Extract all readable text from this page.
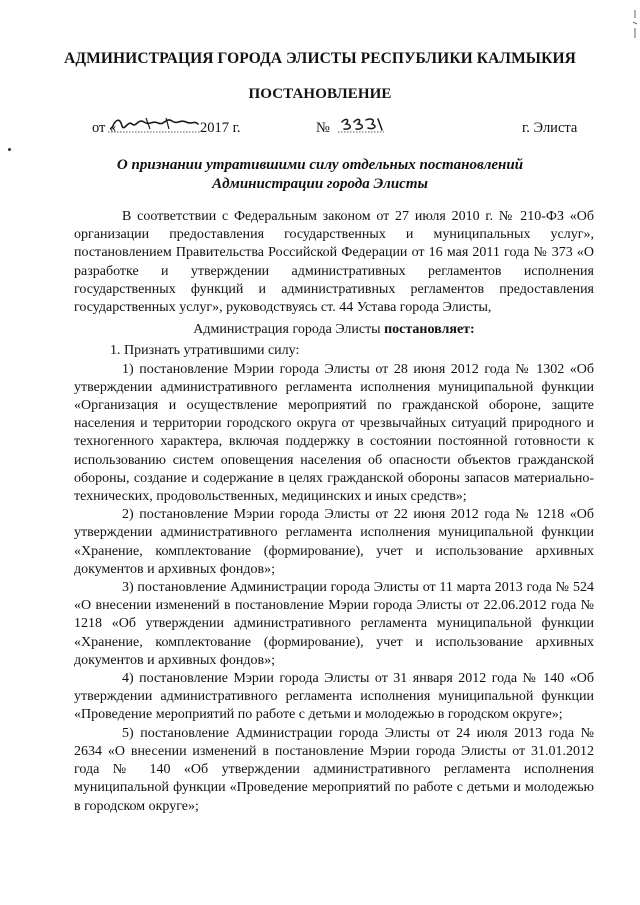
АДМИНИСТРАЦИЯ ГОРОДА ЭЛИСТЫ РЕСПУБЛИКИ КАЛМЫКИЯ
ПОСТАНОВЛЕНИЕ
от «	2017 г.	№	г. Элиста
О признании утратившими силу отдельных постановлений
Администрации города Элисты

В соответствии с Федеральным законом от 27 июля 2010 г. № 210-ФЗ «Об организации предоставления государственных и муниципальных услуг», постановлением Правительства Российской Федерации от 16 мая 2011 года № 373 «О разработке и утверждении административных регламентов исполнения государственных функций и административных регламентов предоставления государственных услуг», руководствуясь ст. 44 Устава города Элисты,

Администрация города Элисты постановляет:

1. Признать утратившими силу:

1) постановление Мэрии города Элисты от 28 июня 2012 года № 1302 «Об утверждении административного регламента исполнения муниципальной функции «Организация и осуществление мероприятий по гражданской обороне, защите населения и территории городского округа от чрезвычайных ситуаций природного и техногенного характера, включая поддержку в состоянии постоянной готовности к использованию систем оповещения населения об опасности объектов гражданской обороны, создание и содержание в целях гражданской обороны запасов материально-технических, продовольственных, медицинских и иных средств»;

2) постановление Мэрии города Элисты от 22 июня 2012 года № 1218 «Об утверждении административного регламента исполнения муниципальной функции «Хранение, комплектование (формирование), учет и использование архивных документов и архивных фондов»;

3) постановление Администрации города Элисты от 11 марта 2013 года № 524 «О внесении изменений в постановление Мэрии города Элисты от 22.06.2012 года № 1218 «Об утверждении административного регламента муниципальной функции «Хранение, комплектование (формирование), учет и использование архивных документов и архивных фондов»;

4) постановление Мэрии города Элисты от 31 января 2012 года № 140 «Об утверждении административного регламента исполнения муниципальной функции «Проведение мероприятий по работе с детьми и молодежью в городском округе»;

5) постановление Администрации города Элисты от 24 июля 2013 года № 2634 «О внесении изменений в постановление Мэрии города Элисты от 31.01.2012 года № 140 «Об утверждении административного регламента исполнения муниципальной функции «Проведение мероприятий по работе с детьми и молодежью в городском округе»;
